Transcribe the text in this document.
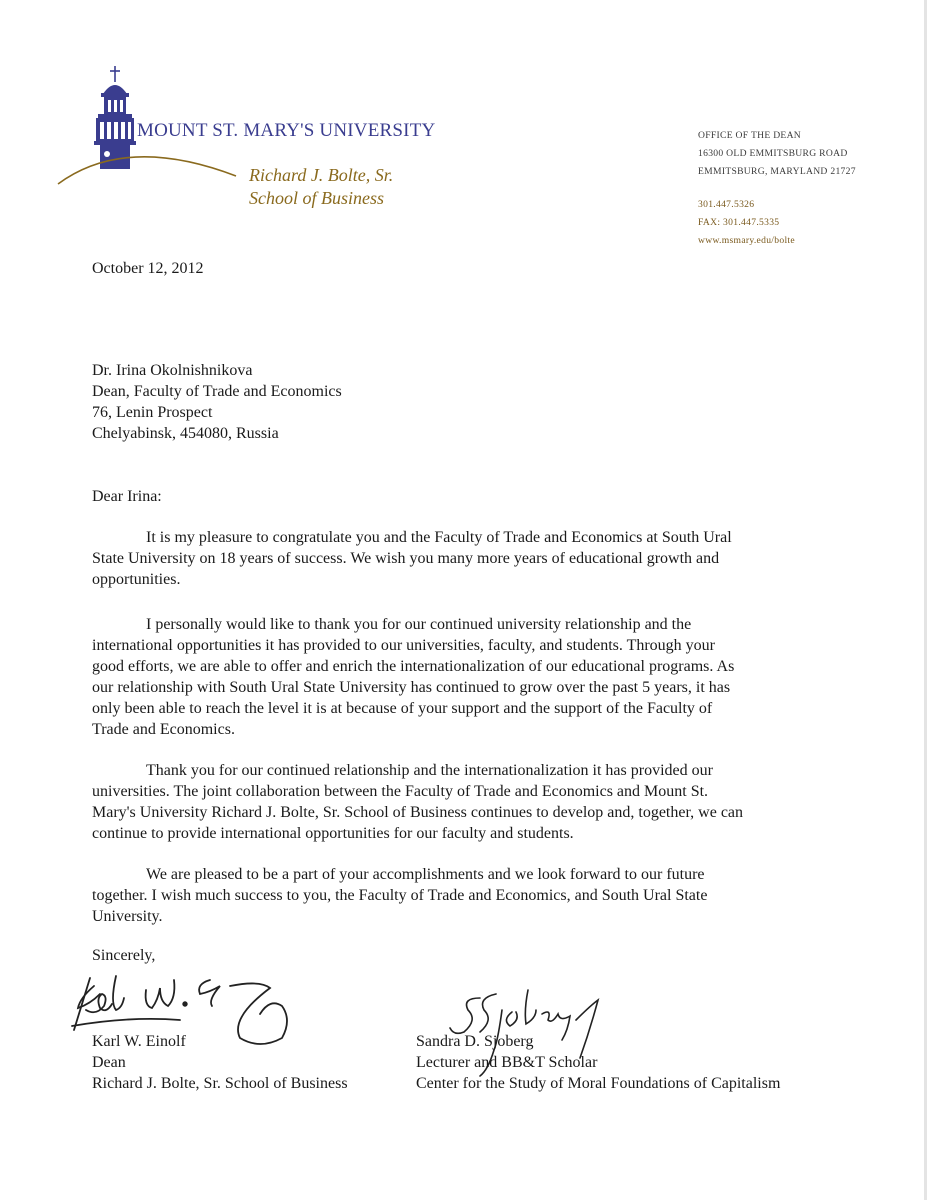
MOUNT ST. MARY'S UNIVERSITY
Richard J. Bolte, Sr.
School of Business
OFFICE OF THE DEAN
16300 OLD EMMITSBURG ROAD
EMMITSBURG, MARYLAND 21727
301.447.5326
FAX: 301.447.5335
www.msmary.edu/bolte
October 12, 2012
Dr. Irina Okolnishnikova
Dean, Faculty of Trade and Economics
76, Lenin Prospect
Chelyabinsk, 454080, Russia
Dear Irina:
It is my pleasure to congratulate you and the Faculty of Trade and Economics at South Ural
State University on 18 years of success. We wish you many more years of educational growth and
opportunities.
I personally would like to thank you for our continued university relationship and the
international opportunities it has provided to our universities, faculty, and students. Through your
good efforts, we are able to offer and enrich the internationalization of our educational programs. As
our relationship with South Ural State University has continued to grow over the past 5 years, it has
only been able to reach the level it is at because of your support and the support of the Faculty of
Trade and Economics.
Thank you for our continued relationship and the internationalization it has provided our
universities. The joint collaboration between the Faculty of Trade and Economics and Mount St.
Mary's University Richard J. Bolte, Sr. School of Business continues to develop and, together, we can
continue to provide international opportunities for our faculty and students.
We are pleased to be a part of your accomplishments and we look forward to our future
together. I wish much success to you, the Faculty of Trade and Economics, and South Ural State
University.
Sincerely,
Karl W. Einolf
Dean
Richard J. Bolte, Sr. School of Business
Sandra D. Sjoberg
Lecturer and BB&T Scholar
Center for the Study of Moral Foundations of Capitalism
